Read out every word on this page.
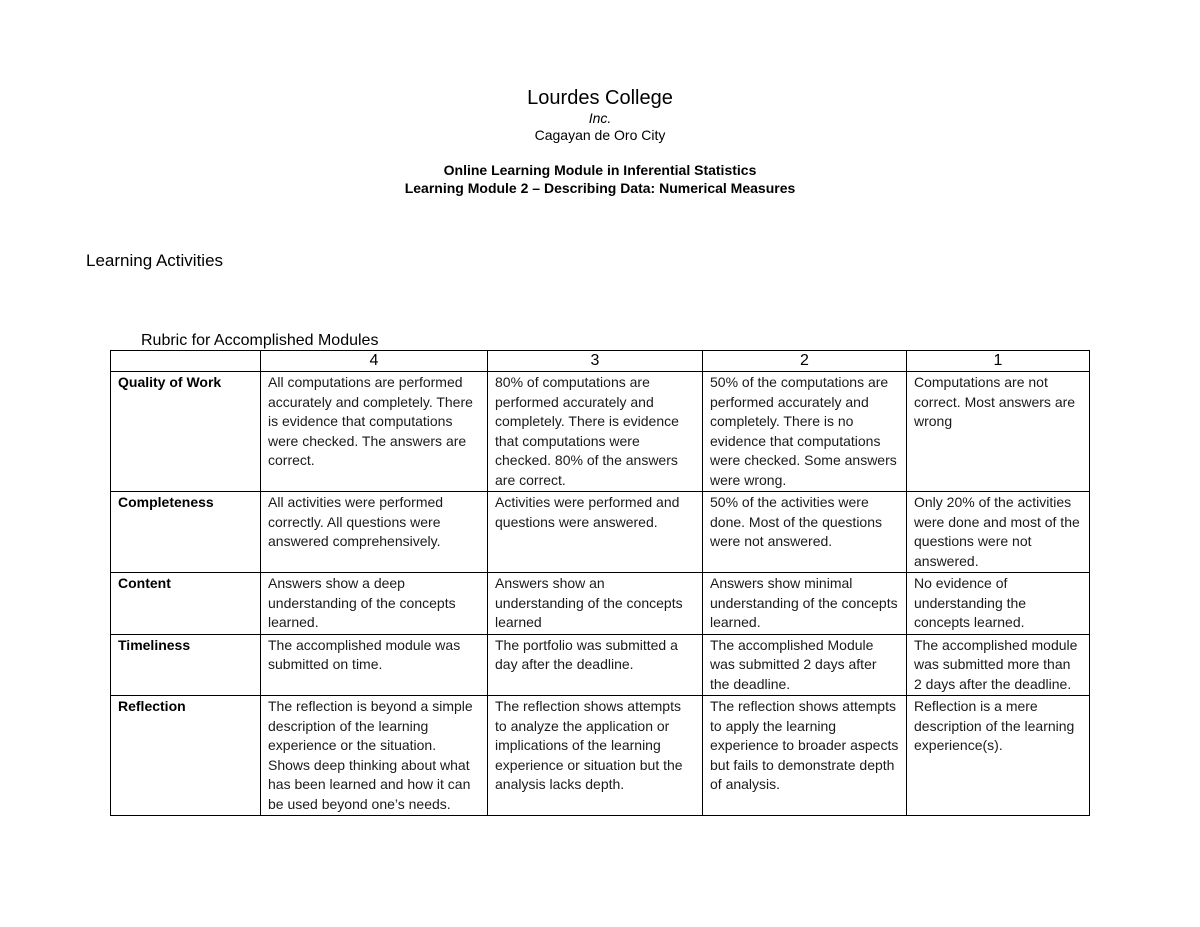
Lourdes College
Inc.
Cagayan de Oro City
Online Learning Module in Inferential Statistics
Learning Module 2 – Describing Data: Numerical Measures
Learning Activities
Rubric for Accomplished Modules
	4	3	2	1
Quality of Work	All computations are performed accurately and completely. There is evidence that computations were checked. The answers are correct.	80% of computations are performed accurately and completely. There is evidence that computations were checked. 80% of the answers are correct.	50% of the computations are performed accurately and completely. There is no evidence that computations were checked. Some answers were wrong.	Computations are not correct. Most answers are wrong
Completeness	All activities were performed correctly. All questions were answered comprehensively.	Activities were performed and questions were answered.	50% of the activities were done. Most of the questions were not answered.	Only 20% of the activities were done and most of the questions were not answered.
Content	Answers show a deep understanding of the concepts learned.	Answers show an understanding of the concepts learned	Answers show minimal understanding of the concepts learned.	No evidence of understanding the concepts learned.
Timeliness	The accomplished module was submitted on time.	The portfolio was submitted a day after the deadline.	The accomplished Module was submitted 2 days after the deadline.	The accomplished module was submitted more than 2 days after the deadline.
Reflection	The reflection is beyond a simple description of the learning experience or the situation. Shows deep thinking about what has been learned and how it can be used beyond one’s needs.	The reflection shows attempts to analyze the application or implications of the learning experience or situation but the analysis lacks depth.	The reflection shows attempts to apply the learning experience to broader aspects but fails to demonstrate depth of analysis.	Reflection is a mere description of the learning experience(s).
